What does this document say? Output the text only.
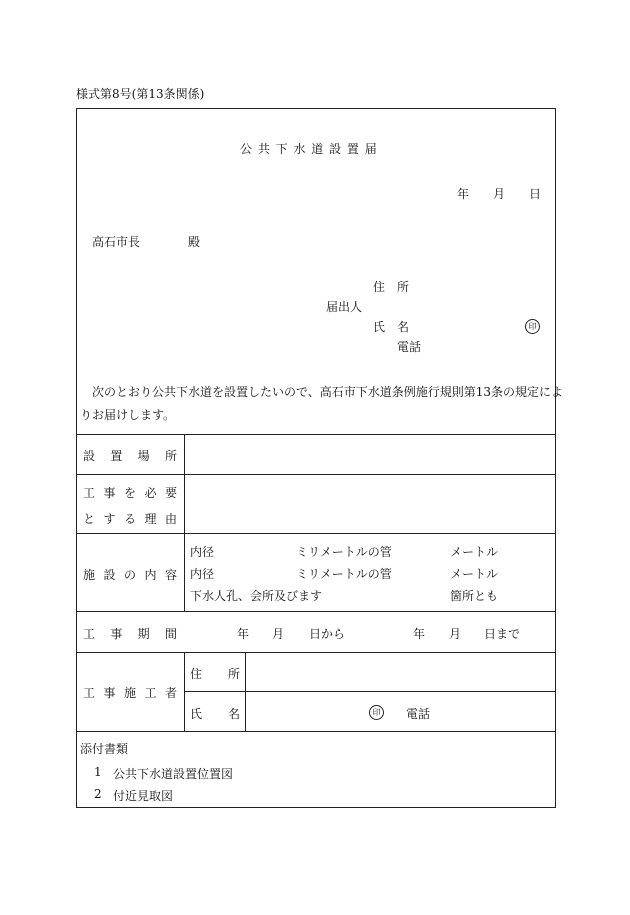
様式第8号(第13条関係)
公 共 下 水 道 設 置 届
年 月 日
高石市長	殿
住　所
届出人
氏　名	印
電話
次のとおり公共下水道を設置したいので、高石市下水道条例施行規則第13条の規定によ
りお届けします。
設 置 場 所
工 事 を 必 要
と す る 理 由
施 設 の 内 容
内径	ミリメートルの管	メートル
内径	ミリメートルの管	メートル
下水人孔、会所及びます	箇所とも
工 事 期 間	年 月 日から	年 月 日まで
工 事 施 工 者
住 所
氏 名	印 電話
添付書類
1 公共下水道設置位置図
2 付近見取図
